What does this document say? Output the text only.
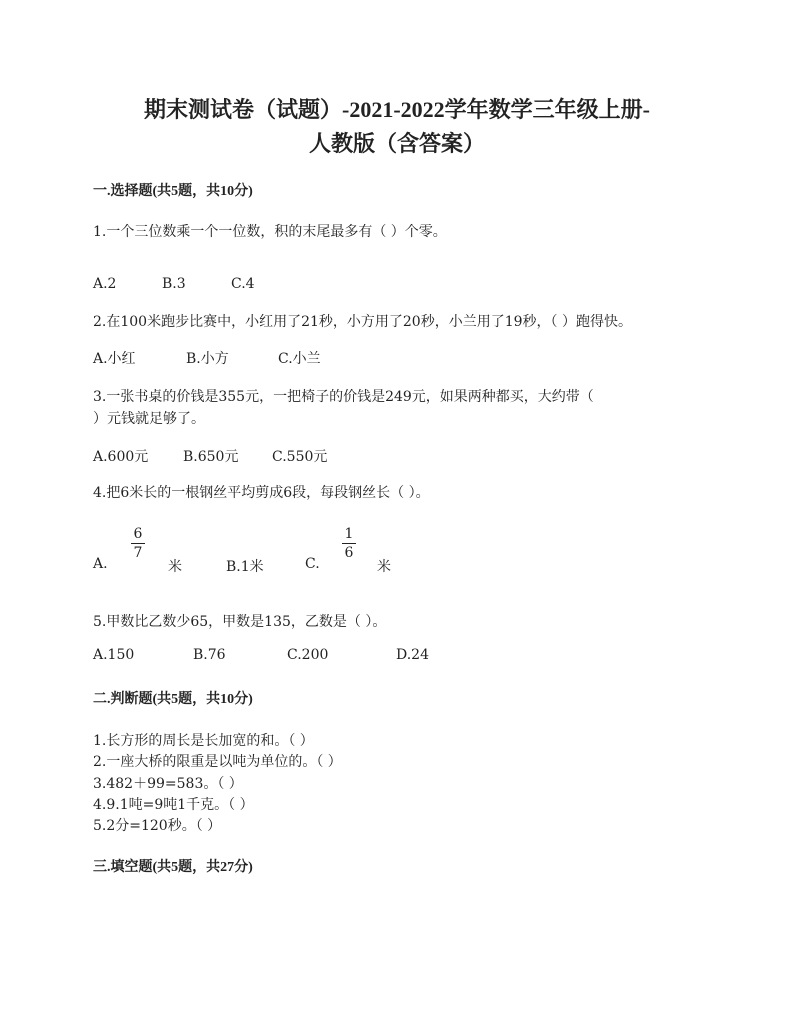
期末测试卷（试题）-2021-2022学年数学三年级上册-
人教版（含答案）
一.选择题(共5题，共10分)
1.一个三位数乘一个一位数，积的末尾最多有（ ）个零。
A.2	B.3	C.4
2.在100米跑步比赛中，小红用了21秒，小方用了20秒，小兰用了19秒，（ ）跑得快。
A.小红	B.小方	C.小兰
3.一张书桌的价钱是355元，一把椅子的价钱是249元，如果两种都买，大约带（
）元钱就足够了。
A.600元 B.650元 C.550元
4.把6米长的一根钢丝平均剪成6段，每段钢丝长（ ）。
A.
6
7
米	B.1米	C.
1
6
米
5.甲数比乙数少65，甲数是135，乙数是（ ）。
A.150	B.76	C.200	D.24
二.判断题(共5题，共10分)
1.长方形的周长是长加宽的和。（ ）
2.一座大桥的限重是以吨为单位的。（ ）
3.482＋99=583。（ ）
4.9.1吨=9吨1千克。（ ）
5.2分=120秒。（ ）
三.填空题(共5题，共27分)
